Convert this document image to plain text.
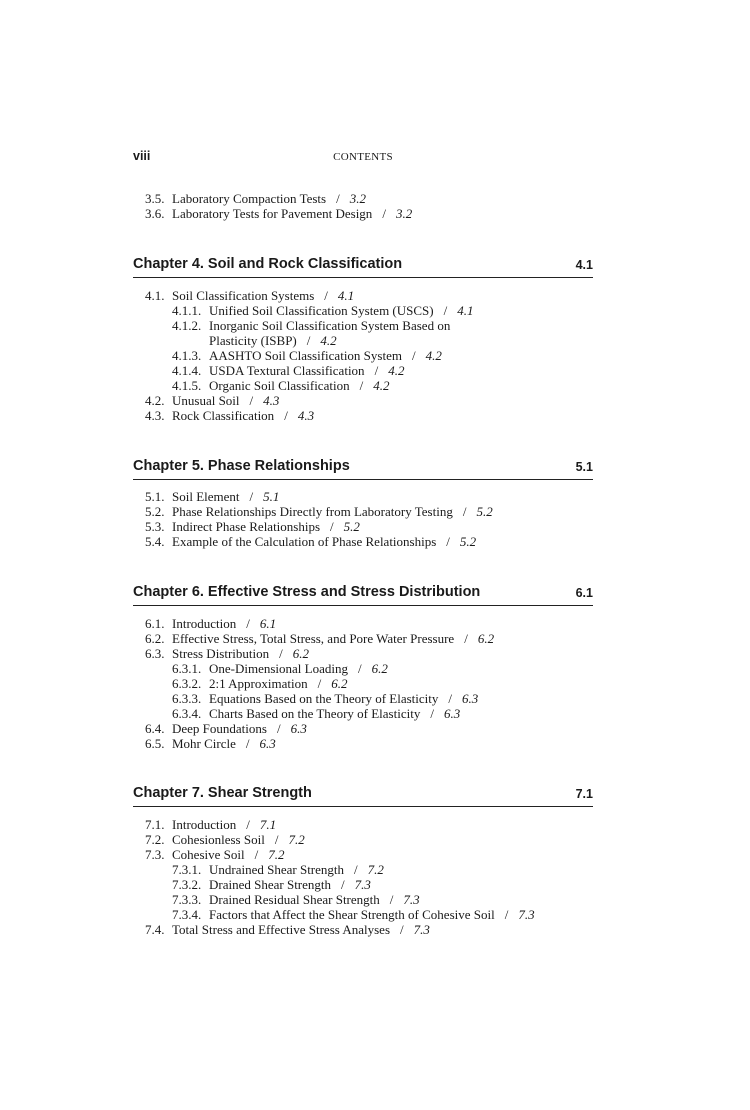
viii	CONTENTS
3.5. Laboratory Compaction Tests / 3.2
3.6. Laboratory Tests for Pavement Design / 3.2
Chapter 4. Soil and Rock Classification	4.1
4.1. Soil Classification Systems / 4.1
4.1.1. Unified Soil Classification System (USCS) / 4.1
4.1.2. Inorganic Soil Classification System Based on
Plasticity (ISBP) / 4.2
4.1.3. AASHTO Soil Classification System / 4.2
4.1.4. USDA Textural Classification / 4.2
4.1.5. Organic Soil Classification / 4.2
4.2. Unusual Soil / 4.3
4.3. Rock Classification / 4.3
Chapter 5. Phase Relationships	5.1
5.1. Soil Element / 5.1
5.2. Phase Relationships Directly from Laboratory Testing / 5.2
5.3. Indirect Phase Relationships / 5.2
5.4. Example of the Calculation of Phase Relationships / 5.2
Chapter 6. Effective Stress and Stress Distribution	6.1
6.1. Introduction / 6.1
6.2. Effective Stress, Total Stress, and Pore Water Pressure / 6.2
6.3. Stress Distribution / 6.2
6.3.1. One-Dimensional Loading / 6.2
6.3.2. 2:1 Approximation / 6.2
6.3.3. Equations Based on the Theory of Elasticity / 6.3
6.3.4. Charts Based on the Theory of Elasticity / 6.3
6.4. Deep Foundations / 6.3
6.5. Mohr Circle / 6.3
Chapter 7. Shear Strength	7.1
7.1. Introduction / 7.1
7.2. Cohesionless Soil / 7.2
7.3. Cohesive Soil / 7.2
7.3.1. Undrained Shear Strength / 7.2
7.3.2. Drained Shear Strength / 7.3
7.3.3. Drained Residual Shear Strength / 7.3
7.3.4. Factors that Affect the Shear Strength of Cohesive Soil / 7.3
7.4. Total Stress and Effective Stress Analyses / 7.3
